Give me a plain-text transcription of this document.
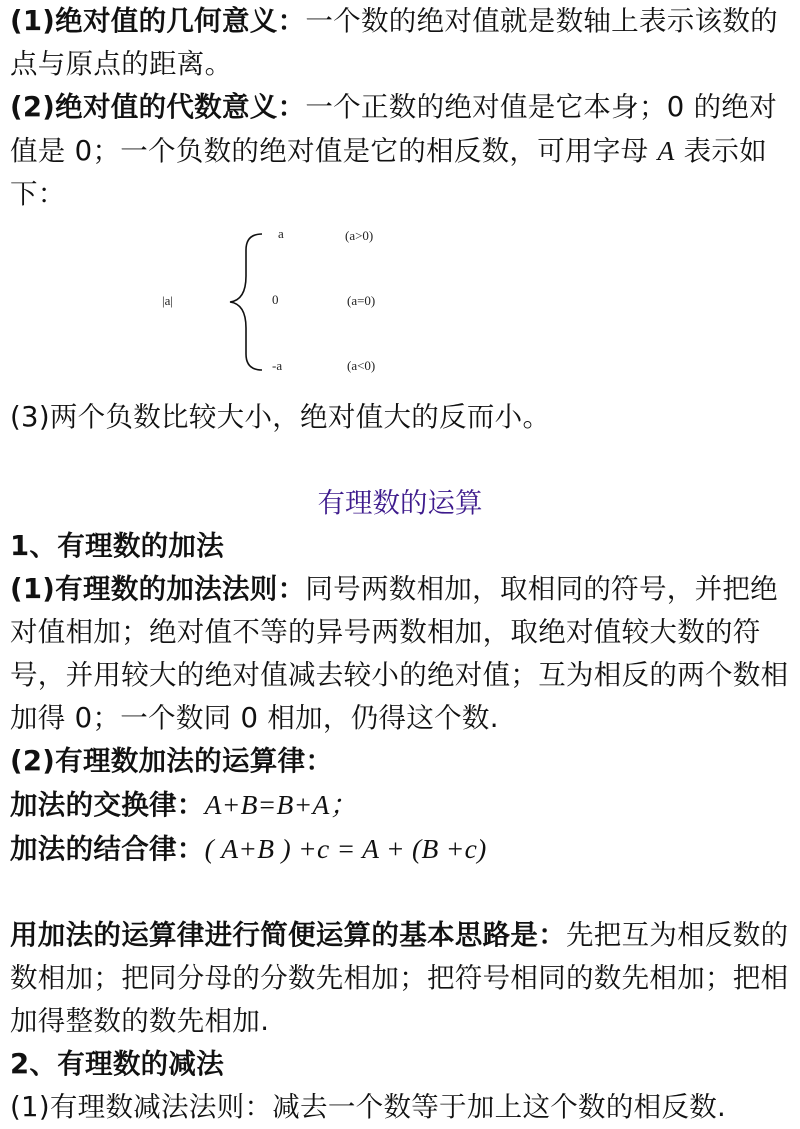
(1)绝对值的几何意义：一个数的绝对值就是数轴上表示该数的点与原点的距离。

(2)绝对值的代数意义：一个正数的绝对值是它本身；0 的绝对值是 0；一个负数的绝对值是它的相反数，可用字母 A 表示如下：

|a|
a	(a>0)
0	(a=0)
-a	(a<0)

(3)两个负数比较大小，绝对值大的反而小。

有理数的运算

1、有理数的加法

(1)有理数的加法法则：同号两数相加，取相同的符号，并把绝对值相加；绝对值不等的异号两数相加，取绝对值较大数的符号，并用较大的绝对值减去较小的绝对值；互为相反的两个数相加得 0；一个数同 0 相加，仍得这个数.

(2)有理数加法的运算律：

加法的交换律：A+B=B+A；

加法的结合律：( A+B ) +c = A + (B +c)

用加法的运算律进行简便运算的基本思路是：先把互为相反数的数相加；把同分母的分数先相加；把符号相同的数先相加；把相加得整数的数先相加.

2、有理数的减法

(1)有理数减法法则：减去一个数等于加上这个数的相反数.
